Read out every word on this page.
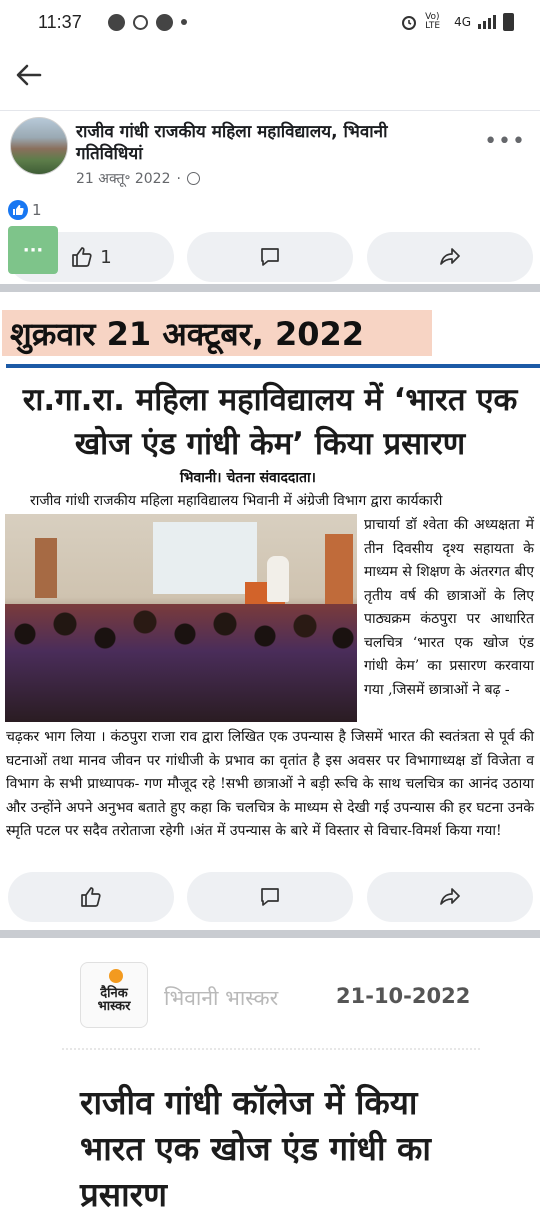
11:37	Vo) LTE	4G
राजीव गांधी राजकीय महिला महाविद्यालय, भिवानी
गतिविधियां
21 अक्तू॰ 2022 ·
•••
1
1
···
शुक्रवार 21 अक्टूबर, 2022
रा.गा.रा. महिला महाविद्यालय में ‘भारत एक
खोज एंड गांधी केम’ किया प्रसारण
भिवानी। चेतना संवाददाता।
राजीव गांधी राजकीय महिला महाविद्यालय भिवानी में अंग्रेजी विभाग द्वारा कार्यकारी
प्राचार्या डॉ श्वेता की अध्यक्षता में तीन दिवसीय दृश्य सहायता के माध्यम से शिक्षण के अंतरगत बीए तृतीय वर्ष की छात्राओं के लिए पाठ्यक्रम कंठपुरा पर आधारित चलचित्र ‘भारत एक खोज एंड गांधी केम’ का प्रसारण करवाया गया ,जिसमें छात्राओं ने बढ़ -
चढ़कर भाग लिया । कंठपुरा राजा राव द्वारा लिखित एक उपन्यास है जिसमें भारत की स्वतंत्रता से पूर्व की घटनाओं तथा मानव जीवन पर गांधीजी के प्रभाव का वृतांत है इस अवसर पर विभागाध्यक्ष डॉ विजेता व विभाग के सभी प्राध्यापक- गण मौजूद रहे !सभी छात्राओं ने बड़ी रूचि के साथ चलचित्र का आनंद उठाया और उन्होंने अपने अनुभव बताते हुए कहा कि चलचित्र के माध्यम से देखी गई उपन्यास की हर घटना उनके स्मृति पटल पर सदैव तरोताजा रहेगी ।अंत में उपन्यास के बारे में विस्तार से विचार-विमर्श किया गया!
दैनिक
भास्कर	भिवानी भास्कर	21-10-2022
राजीव गांधी कॉलेज में किया भारत एक खोज एंड गांधी का प्रसारण
